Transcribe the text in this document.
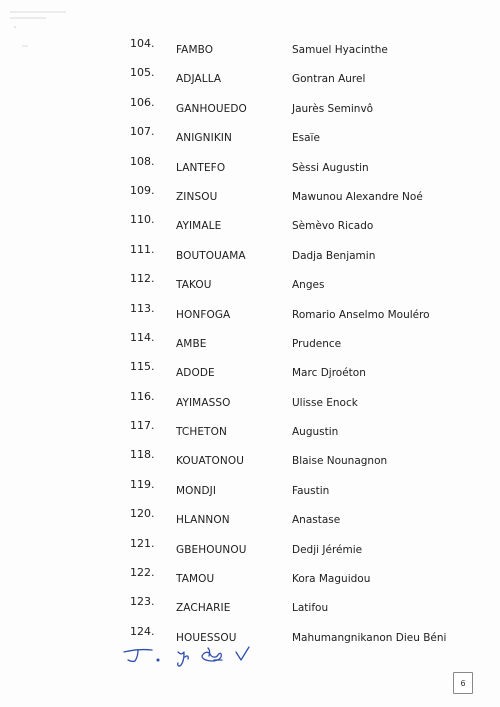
104. FAMBO	Samuel Hyacinthe
105. ADJALLA	Gontran Aurel
106. GANHOUEDO	Jaurès Seminvô
107. ANIGNIKIN	Esaïe
108. LANTEFO	Sèssi Augustin
109. ZINSOU	Mawunou Alexandre Noé
110. AYIMALE	Sèmèvo Ricado
111. BOUTOUAMA	Dadja Benjamin
112. TAKOU	Anges
113. HONFOGA	Romario Anselmo Mouléro
114. AMBE	Prudence
115. ADODE	Marc Djroéton
116. AYIMASSO	Ulisse Enock
117. TCHETON	Augustin
118. KOUATONOU	Blaise Nounagnon
119. MONDJI	Faustin
120. HLANNON	Anastase
121. GBEHOUNOU	Dedji Jérémie
122. TAMOU	Kora Maguidou
123. ZACHARIE	Latifou
124. HOUESSOU	Mahumangnikanon Dieu Béni
6
